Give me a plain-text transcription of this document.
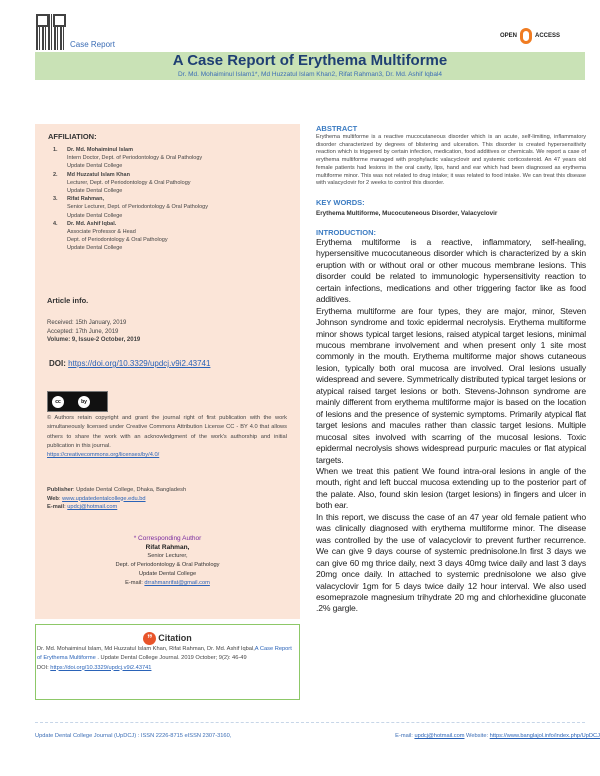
Case Report
OPEN	ACCESS
A Case Report of Erythema Multiforme
Dr. Md. Mohaiminul Islam1*, Md Huzzatul Islam Khan2, Rifat Rahman3, Dr. Md. Ashif Iqbal4
AFFILIATION:
1.	Dr. Md. Mohaiminul Islam
Intern Doctor, Dept. of Periodontology & Oral Pathology
Update Dental College
2.	Md Huzzatul Islam Khan
Lecturer, Dept. of Periodontology & Oral Pathology
Update Dental College
3.	Rifat Rahman,
Senior Lecturer, Dept. of Periodontology & Oral Pathology
Update Dental College
4.	Dr. Md. Ashif Iqbal.
Associate Professor & Head
Dept. of Periodontology & Oral Pathology
Update Dental College
Article info.
Received: 15th January, 2019
Accepted: 17th June, 2019
Volume: 9, Issue-2 October, 2019
DOI: https://doi.org/10.3329/updcj.v9i2.43741
cc	by
© Authors retain copyright and grant the journal right of first publication with the work simultaneously licensed under Creative Commons Attribution License CC - BY 4.0 that allows others to share the work with an acknowledgment of the work's authorship and initial publication in this journal.
https://creativecommons.org/licenses/by/4.0/
Publisher: Update Dental College, Dhaka, Bangladesh
Web: www.updatedentalcollege.edu.bd
E-mail: updcj@hotmail.com
* Corresponding Author
Rifat Rahman,
Senior Lecturer,
Dept. of Periodontology & Oral Pathology
Update Dental College
E-mail: drrahmanrifat@gmail.com
” Citation
Dr. Md. Mohaiminul Islam, Md Huzzatul Islam Khan, Rifat Rahman, Dr. Md. Ashif Iqbal,A Case Report of Erythema Multiforme . Update Dental College Journal. 2019 October; 9(2): 46-49
DOI: https://doi.org/10.3329/updcj.v9i2.43741
ABSTRACT
Erythema multiforme is a reactive mucocutaneous disorder which is an acute, self-limiting, inflammatory disorder characterized by degrees of blistering and ulceration. This disorder is created hypersensitivity reaction which is triggered by certain infection, medication, food additives or chemicals. We report a case of erythema multiforme managed with prophylactic valacyclovir and systemic corticosteroid. An 47 years old female patients had lesions in the oral cavity, lips, hand and ear which had been diagnosed as erythema multiforme minor. This was not related to drug intake; it was related to food intake. We can treat this disease with valacyclovir for 2 weeks to control this disorder.
KEY WORDS:
Erythema Multiforme, Mucocuteneous Disorder, Valacyclovir
INTRODUCTION:

Erythema multiforme is a reactive, inflammatory, self-healing, hypersensitive mucocutaneous disorder which is characterized by a skin eruption with or without oral or other mucous membrane lesions. This disorder could be related to immunologic hypersensitivity reaction to certain infections, medications and other triggering factor like as food additives.

Erythema multiforme are four types, they are major, minor, Steven Johnson syndrome and toxic epidermal necrolysis. Erythema multiforme minor shows typical target lesions, raised atypical target lesions, minimal mucous membrane involvement and when present only 1 site most commonly in the mouth. Erythema multiforme major shows cutaneous lesion, typically both oral mucosa are involved. Oral lesions usually widespread and severe. Symmetrically distributed typical target lesions or atypical raised target lesions or both. Stevens-Johnson syndrome are mainly different from erythema multiforme major is based on the location of lesions and the presence of systemic symptoms. Primarily atypical flat target lesions and macules rather than classic target lesions. Multiple mucosal sites involved with scarring of the mucosal lesions. Toxic epidermal necrolysis shows widespread purpuric macules or flat atypical targets.

When we treat this patient We found intra-oral lesions in angle of the mouth, right and left buccal mucosa extending up to the posterior part of the palate. Also, found skin lesion (target lesions) in fingers and ulcer in both ear.

In this report, we discuss the case of an 47 year old female patient who was clinically diagnosed with erythema multiforme minor. The disease was controlled by the use of valacyclovir to prevent further recurrence. We can give 9 days course of systemic prednisolone.In first 3 days we can give 60 mg thrice daily, next 3 days 40mg twice daily and last 3 days 20mg once daily. In attached to systemic prednisolone we also give valacyclovir 1gm for 5 days twice daily 12 hour interval. We also used esomeprazole magnesium trihydrate 20 mg and chlorhexidine gluconate .2% gargle.

Update Dental College Journal (UpDCJ) : ISSN 2226-8715 eISSN 2307-3160,	E-mail: updcj@hotmail.com Website: https://www.banglajol.info/index.php/UpDCJ
